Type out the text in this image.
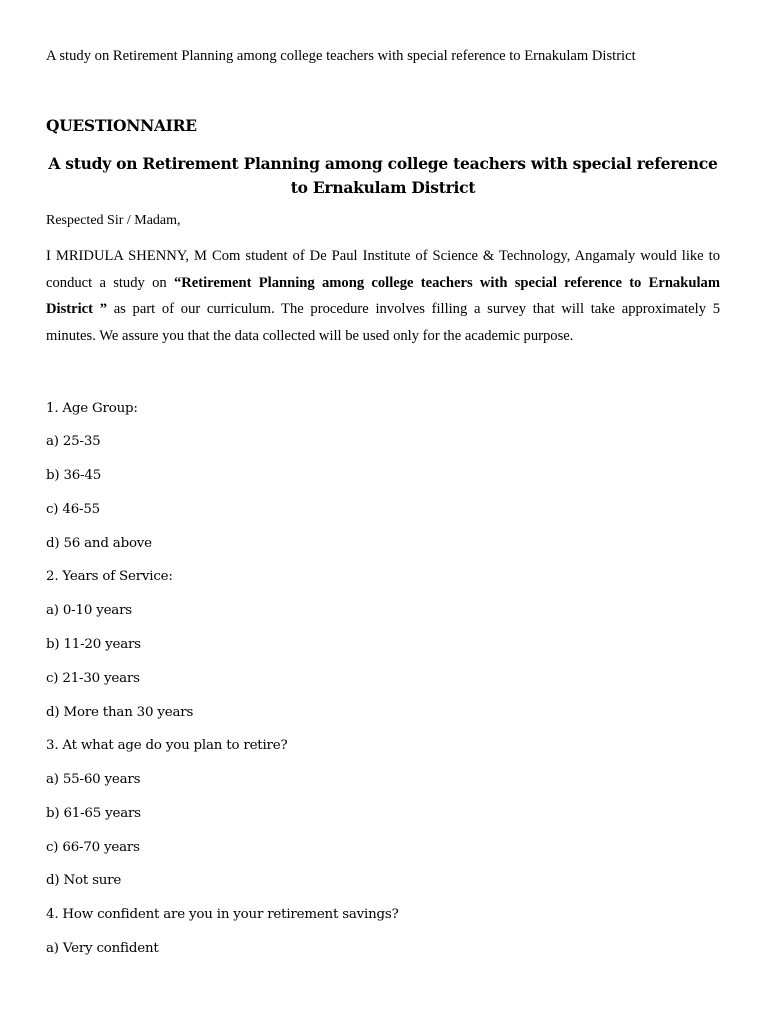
A study on Retirement Planning among college teachers with special reference to Ernakulam District
QUESTIONNAIRE
A study on Retirement Planning among college teachers with special reference to Ernakulam District
Respected Sir / Madam,
I MRIDULA SHENNY, M Com student of De Paul Institute of Science & Technology, Angamaly would like to conduct a study on “Retirement Planning among college teachers with special reference to Ernakulam District ” as part of our curriculum. The procedure involves filling a survey that will take approximately 5 minutes. We assure you that the data collected will be used only for the academic purpose.
1. Age Group:
a) 25-35
b) 36-45
c) 46-55
d) 56 and above
2. Years of Service:
a) 0-10 years
b) 11-20 years
c) 21-30 years
d) More than 30 years
3. At what age do you plan to retire?
a) 55-60 years
b) 61-65 years
c) 66-70 years
d) Not sure
4. How confident are you in your retirement savings?
a) Very confident
